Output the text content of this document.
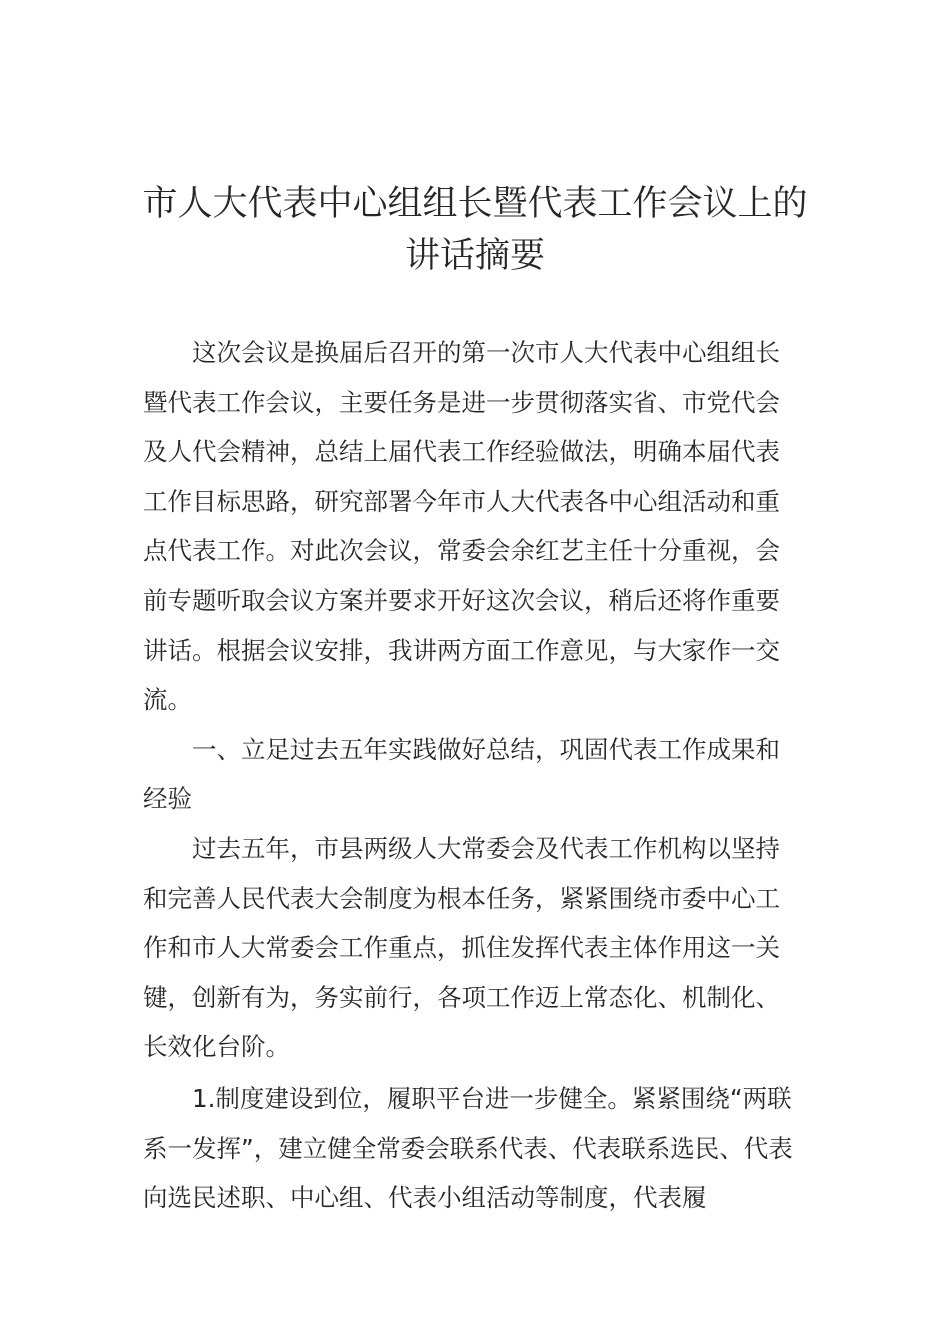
市人大代表中心组组长暨代表工作会议上的讲话摘要

这次会议是换届后召开的第一次市人大代表中心组组长暨代表工作会议，主要任务是进一步贯彻落实省、市党代会及人代会精神，总结上届代表工作经验做法，明确本届代表工作目标思路，研究部署今年市人大代表各中心组活动和重点代表工作。对此次会议，常委会余红艺主任十分重视，会前专题听取会议方案并要求开好这次会议，稍后还将作重要讲话。根据会议安排，我讲两方面工作意见，与大家作一交流。

一、立足过去五年实践做好总结，巩固代表工作成果和经验

过去五年，市县两级人大常委会及代表工作机构以坚持和完善人民代表大会制度为根本任务，紧紧围绕市委中心工作和市人大常委会工作重点，抓住发挥代表主体作用这一关键，创新有为，务实前行，各项工作迈上常态化、机制化、长效化台阶。

1.制度建设到位，履职平台进一步健全。紧紧围绕“两联系一发挥”，建立健全常委会联系代表、代表联系选民、代表向选民述职、中心组、代表小组活动等制度，代表履
